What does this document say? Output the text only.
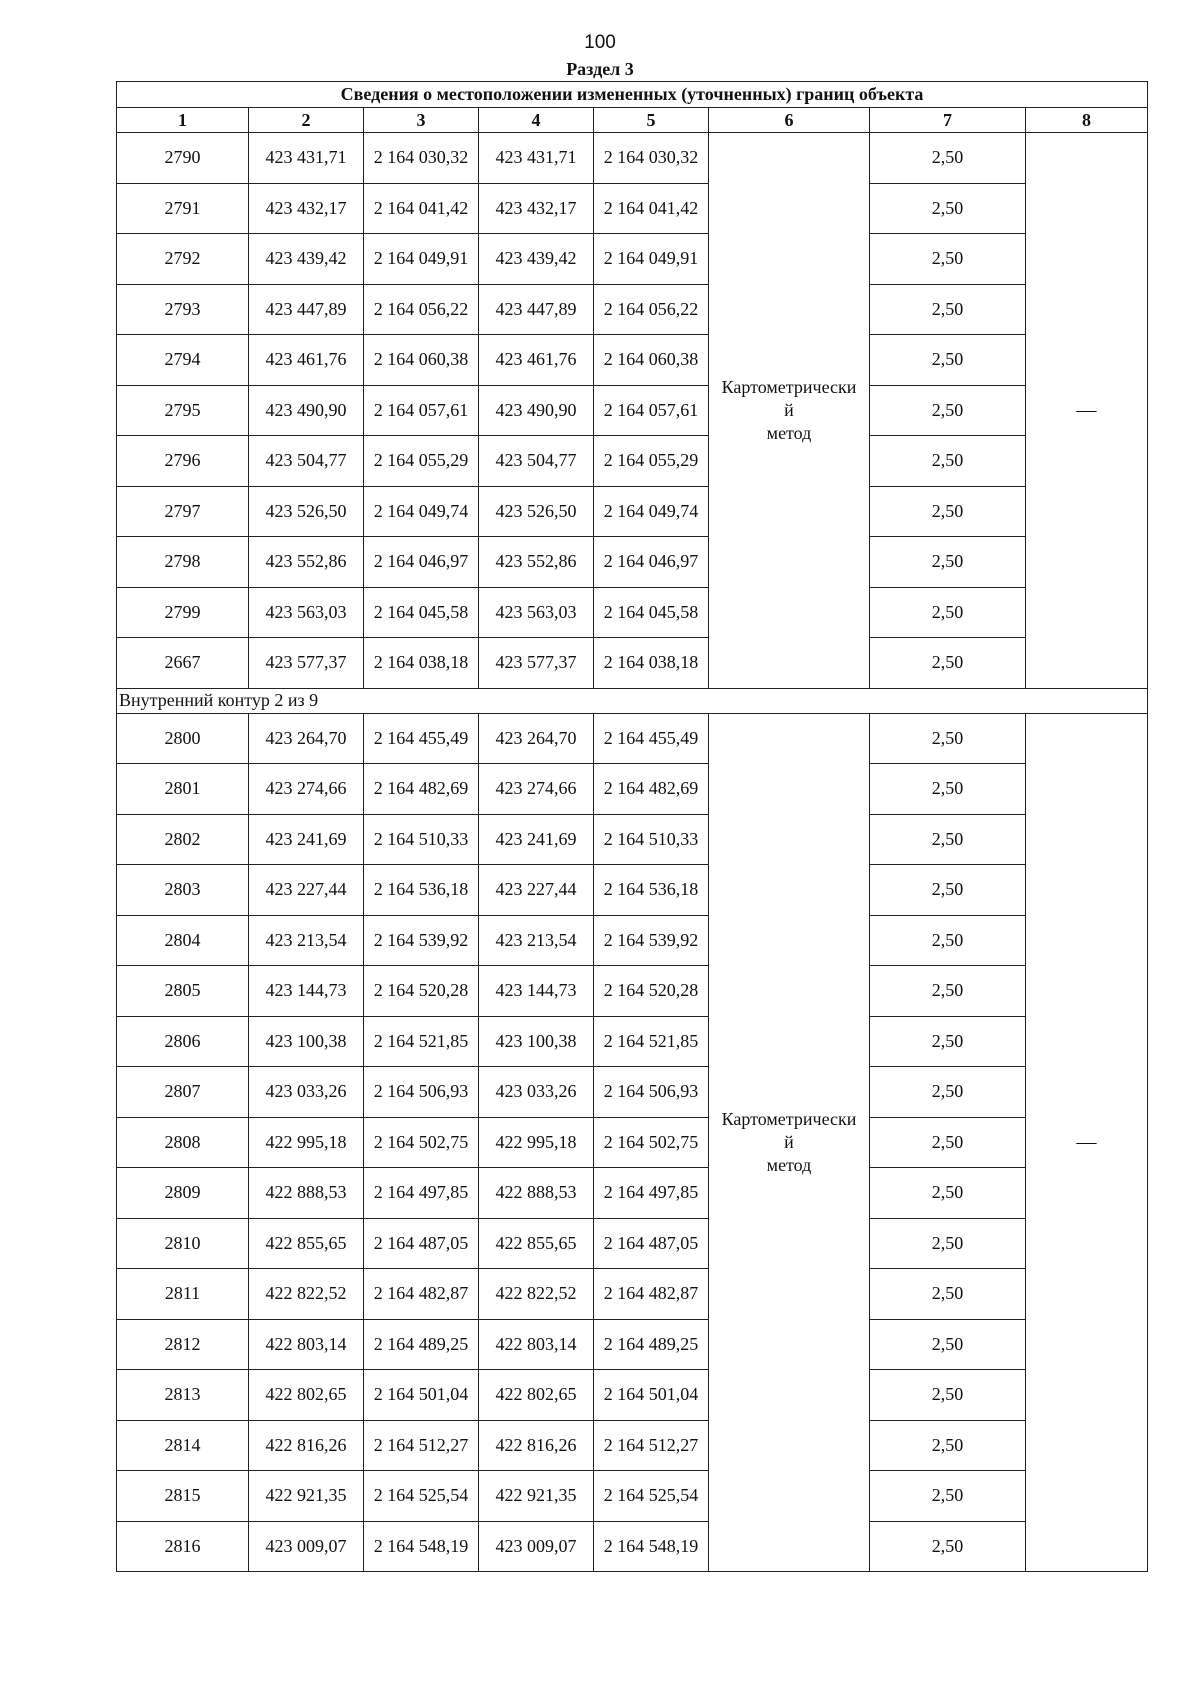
100
Раздел 3
Сведения о местоположении измененных (уточненных) границ объекта							
1	2	3	4	5	6	7	8
2790	423 431,71	2 164 030,32	423 431,71	2 164 030,32	Картометрически
й
метод	2,50	—
2791	423 432,17	2 164 041,42	423 432,17	2 164 041,42		2,50	
2792	423 439,42	2 164 049,91	423 439,42	2 164 049,91		2,50	
2793	423 447,89	2 164 056,22	423 447,89	2 164 056,22		2,50	
2794	423 461,76	2 164 060,38	423 461,76	2 164 060,38		2,50	
2795	423 490,90	2 164 057,61	423 490,90	2 164 057,61		2,50	
2796	423 504,77	2 164 055,29	423 504,77	2 164 055,29		2,50	
2797	423 526,50	2 164 049,74	423 526,50	2 164 049,74		2,50	
2798	423 552,86	2 164 046,97	423 552,86	2 164 046,97		2,50	
2799	423 563,03	2 164 045,58	423 563,03	2 164 045,58		2,50	
2667	423 577,37	2 164 038,18	423 577,37	2 164 038,18		2,50	
Внутренний контур 2 из 9							
2800	423 264,70	2 164 455,49	423 264,70	2 164 455,49	Картометрически
й
метод	2,50	—
2801	423 274,66	2 164 482,69	423 274,66	2 164 482,69		2,50	
2802	423 241,69	2 164 510,33	423 241,69	2 164 510,33		2,50	
2803	423 227,44	2 164 536,18	423 227,44	2 164 536,18		2,50	
2804	423 213,54	2 164 539,92	423 213,54	2 164 539,92		2,50	
2805	423 144,73	2 164 520,28	423 144,73	2 164 520,28		2,50	
2806	423 100,38	2 164 521,85	423 100,38	2 164 521,85		2,50	
2807	423 033,26	2 164 506,93	423 033,26	2 164 506,93		2,50	
2808	422 995,18	2 164 502,75	422 995,18	2 164 502,75		2,50	
2809	422 888,53	2 164 497,85	422 888,53	2 164 497,85		2,50	
2810	422 855,65	2 164 487,05	422 855,65	2 164 487,05		2,50	
2811	422 822,52	2 164 482,87	422 822,52	2 164 482,87		2,50	
2812	422 803,14	2 164 489,25	422 803,14	2 164 489,25		2,50	
2813	422 802,65	2 164 501,04	422 802,65	2 164 501,04		2,50	
2814	422 816,26	2 164 512,27	422 816,26	2 164 512,27		2,50	
2815	422 921,35	2 164 525,54	422 921,35	2 164 525,54		2,50	
2816	423 009,07	2 164 548,19	423 009,07	2 164 548,19		2,50	
